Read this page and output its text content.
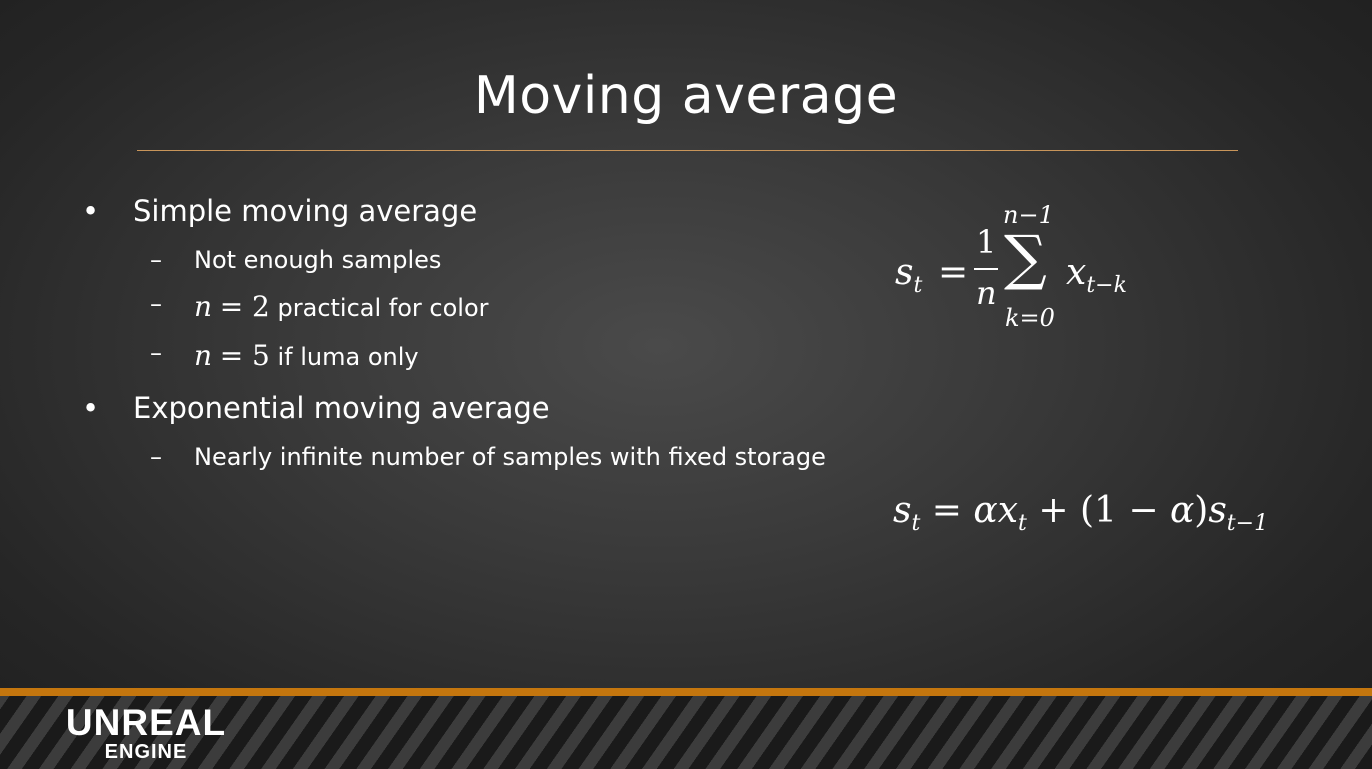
Moving average
• Simple moving average
– Not enough samples
– n = 2 practical for color
– n = 5 if luma only
• Exponential moving average
– Nearly infinite number of samples with fixed storage
$s_t$ =
1
n
n−1
∑
k=0
$x_{t-k}$
$s_t = \alpha x_t + (1 - \alpha)s_{t-1}$
UNREAL
ENGINE
